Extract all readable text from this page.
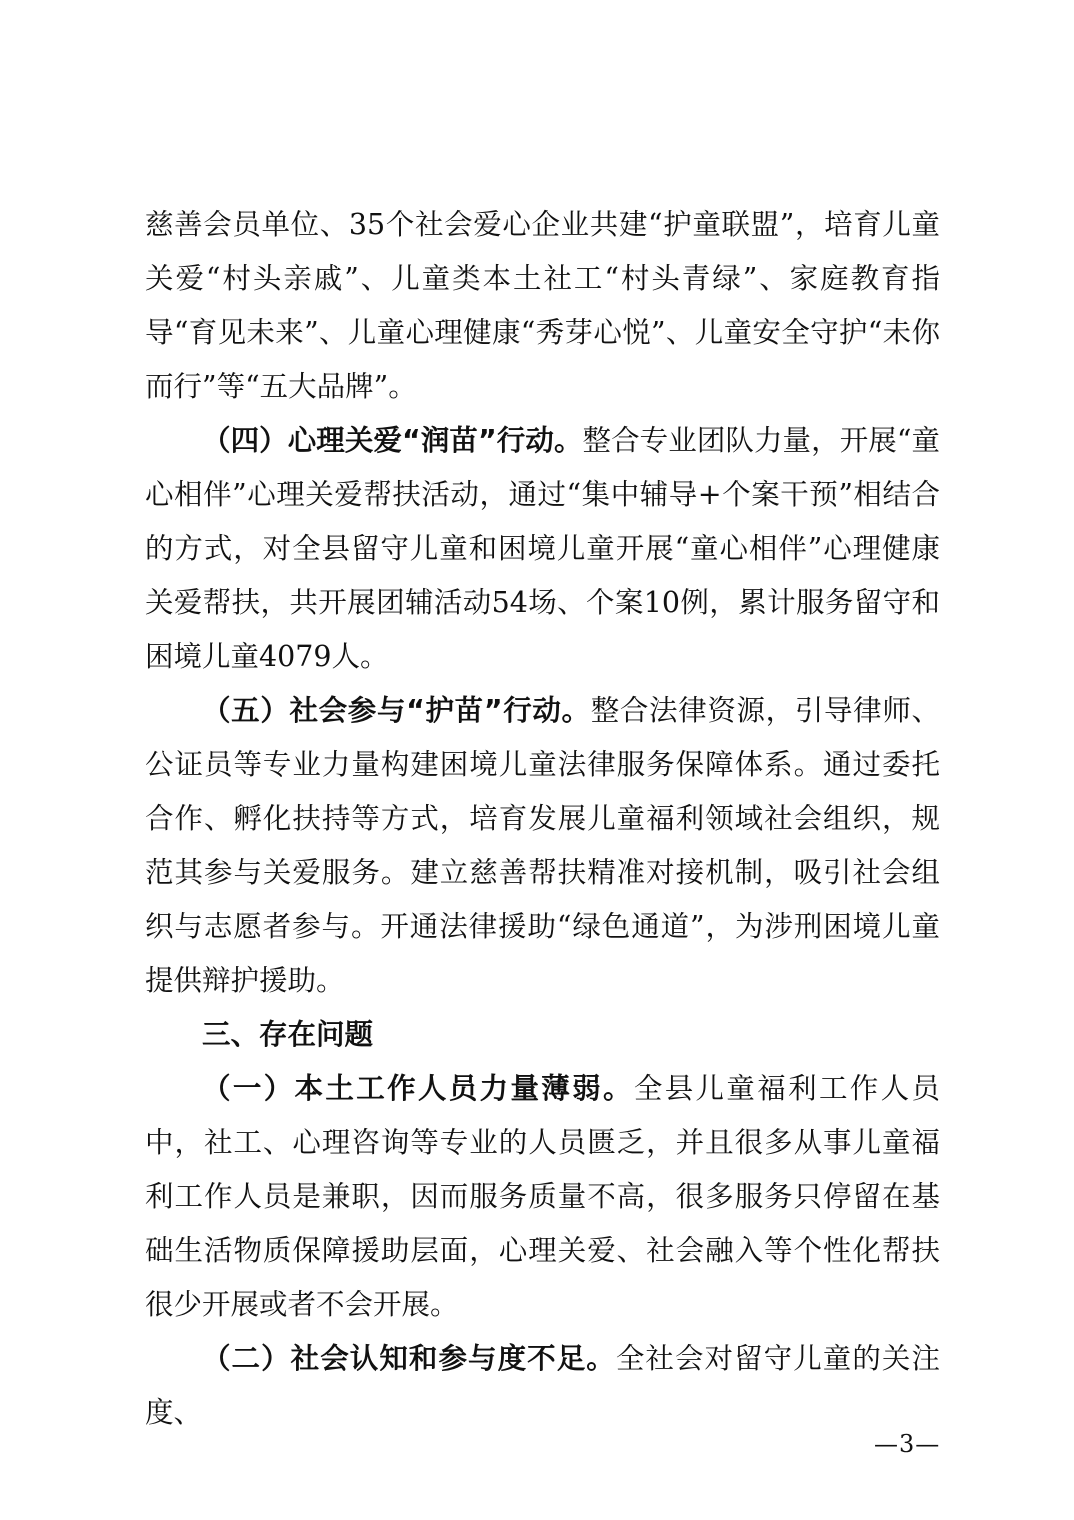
慈善会员单位、35个社会爱心企业共建“护童联盟”，培育儿童关爱“村头亲戚”、儿童类本土社工“村头青绿”、家庭教育指导“育见未来”、儿童心理健康“秀芽心悦”、儿童安全守护“未你而行”等“五大品牌”。

（四）心理关爱“润苗”行动。整合专业团队力量，开展“童心相伴”心理关爱帮扶活动，通过“集中辅导+个案干预”相结合的方式，对全县留守儿童和困境儿童开展“童心相伴”心理健康关爱帮扶，共开展团辅活动54场、个案10例，累计服务留守和困境儿童4079人。

（五）社会参与“护苗”行动。整合法律资源，引导律师、公证员等专业力量构建困境儿童法律服务保障体系。通过委托合作、孵化扶持等方式，培育发展儿童福利领域社会组织，规范其参与关爱服务。建立慈善帮扶精准对接机制，吸引社会组织与志愿者参与。开通法律援助“绿色通道”，为涉刑困境儿童提供辩护援助。

三、存在问题

（一）本土工作人员力量薄弱。全县儿童福利工作人员中，社工、心理咨询等专业的人员匮乏，并且很多从事儿童福利工作人员是兼职，因而服务质量不高，很多服务只停留在基础生活物质保障援助层面，心理关爱、社会融入等个性化帮扶很少开展或者不会开展。

（二）社会认知和参与度不足。全社会对留守儿童的关注度、

—3—
